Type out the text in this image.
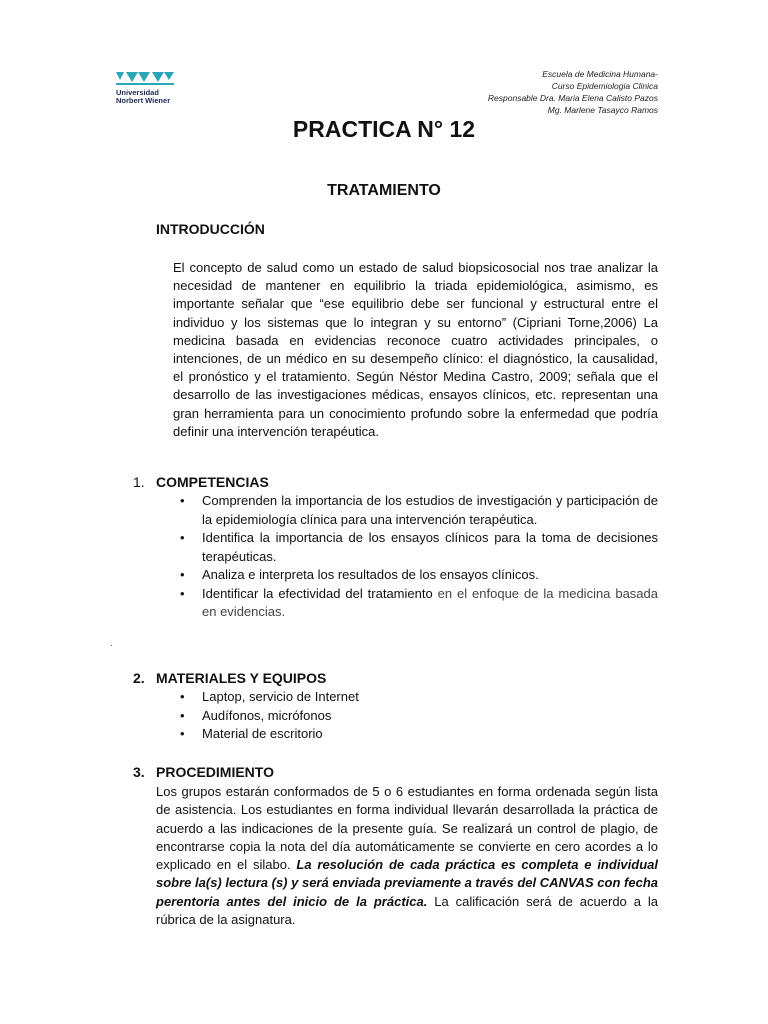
Universidad
Norbert Wiener
Escuela de Medicina Humana-
Curso Epidemiologia Clinica
Responsable Dra. Maria Elena Calisto Pazos
Mg. Marlene Tasayco Ramos
PRACTICA N° 12
TRATAMIENTO
INTRODUCCIÓN
El concepto de salud como un estado de salud biopsicosocial nos trae analizar la necesidad de mantener en equilibrio la triada epidemiológica, asimismo, es importante señalar que “ese equilibrio debe ser funcional y estructural entre el individuo y los sistemas que lo integran y su entorno” (Cipriani Torne,2006) La medicina basada en evidencias reconoce cuatro actividades principales, o intenciones, de un médico en su desempeño clínico: el diagnóstico, la causalidad, el pronóstico y el tratamiento. Según Néstor Medina Castro, 2009; señala que el desarrollo de las investigaciones médicas, ensayos clínicos, etc. representan una gran herramienta para un conocimiento profundo sobre la enfermedad que podría definir una intervención terapéutica.
1. COMPETENCIAS
• Comprenden la importancia de los estudios de investigación y participación de la epidemiología clínica para una intervención terapéutica.
• Identifica la importancia de los ensayos clínicos para la toma de decisiones terapéuticas.
• Analiza e interpreta los resultados de los ensayos clínicos.
• Identificar la efectividad del tratamiento en el enfoque de la medicina basada en evidencias.
.
2. MATERIALES Y EQUIPOS
• Laptop, servicio de Internet
• Audífonos, micrófonos
• Material de escritorio
3. PROCEDIMIENTO
Los grupos estarán conformados de 5 o 6 estudiantes en forma ordenada según lista de asistencia. Los estudiantes en forma individual llevarán desarrollada la práctica de acuerdo a las indicaciones de la presente guía. Se realizará un control de plagio, de encontrarse copia la nota del día automáticamente se convierte en cero acordes a lo explicado en el silabo. La resolución de cada práctica es completa e individual sobre la(s) lectura (s) y será enviada previamente a través del CANVAS con fecha perentoria antes del inicio de la práctica. La calificación será de acuerdo a la rúbrica de la asignatura.
